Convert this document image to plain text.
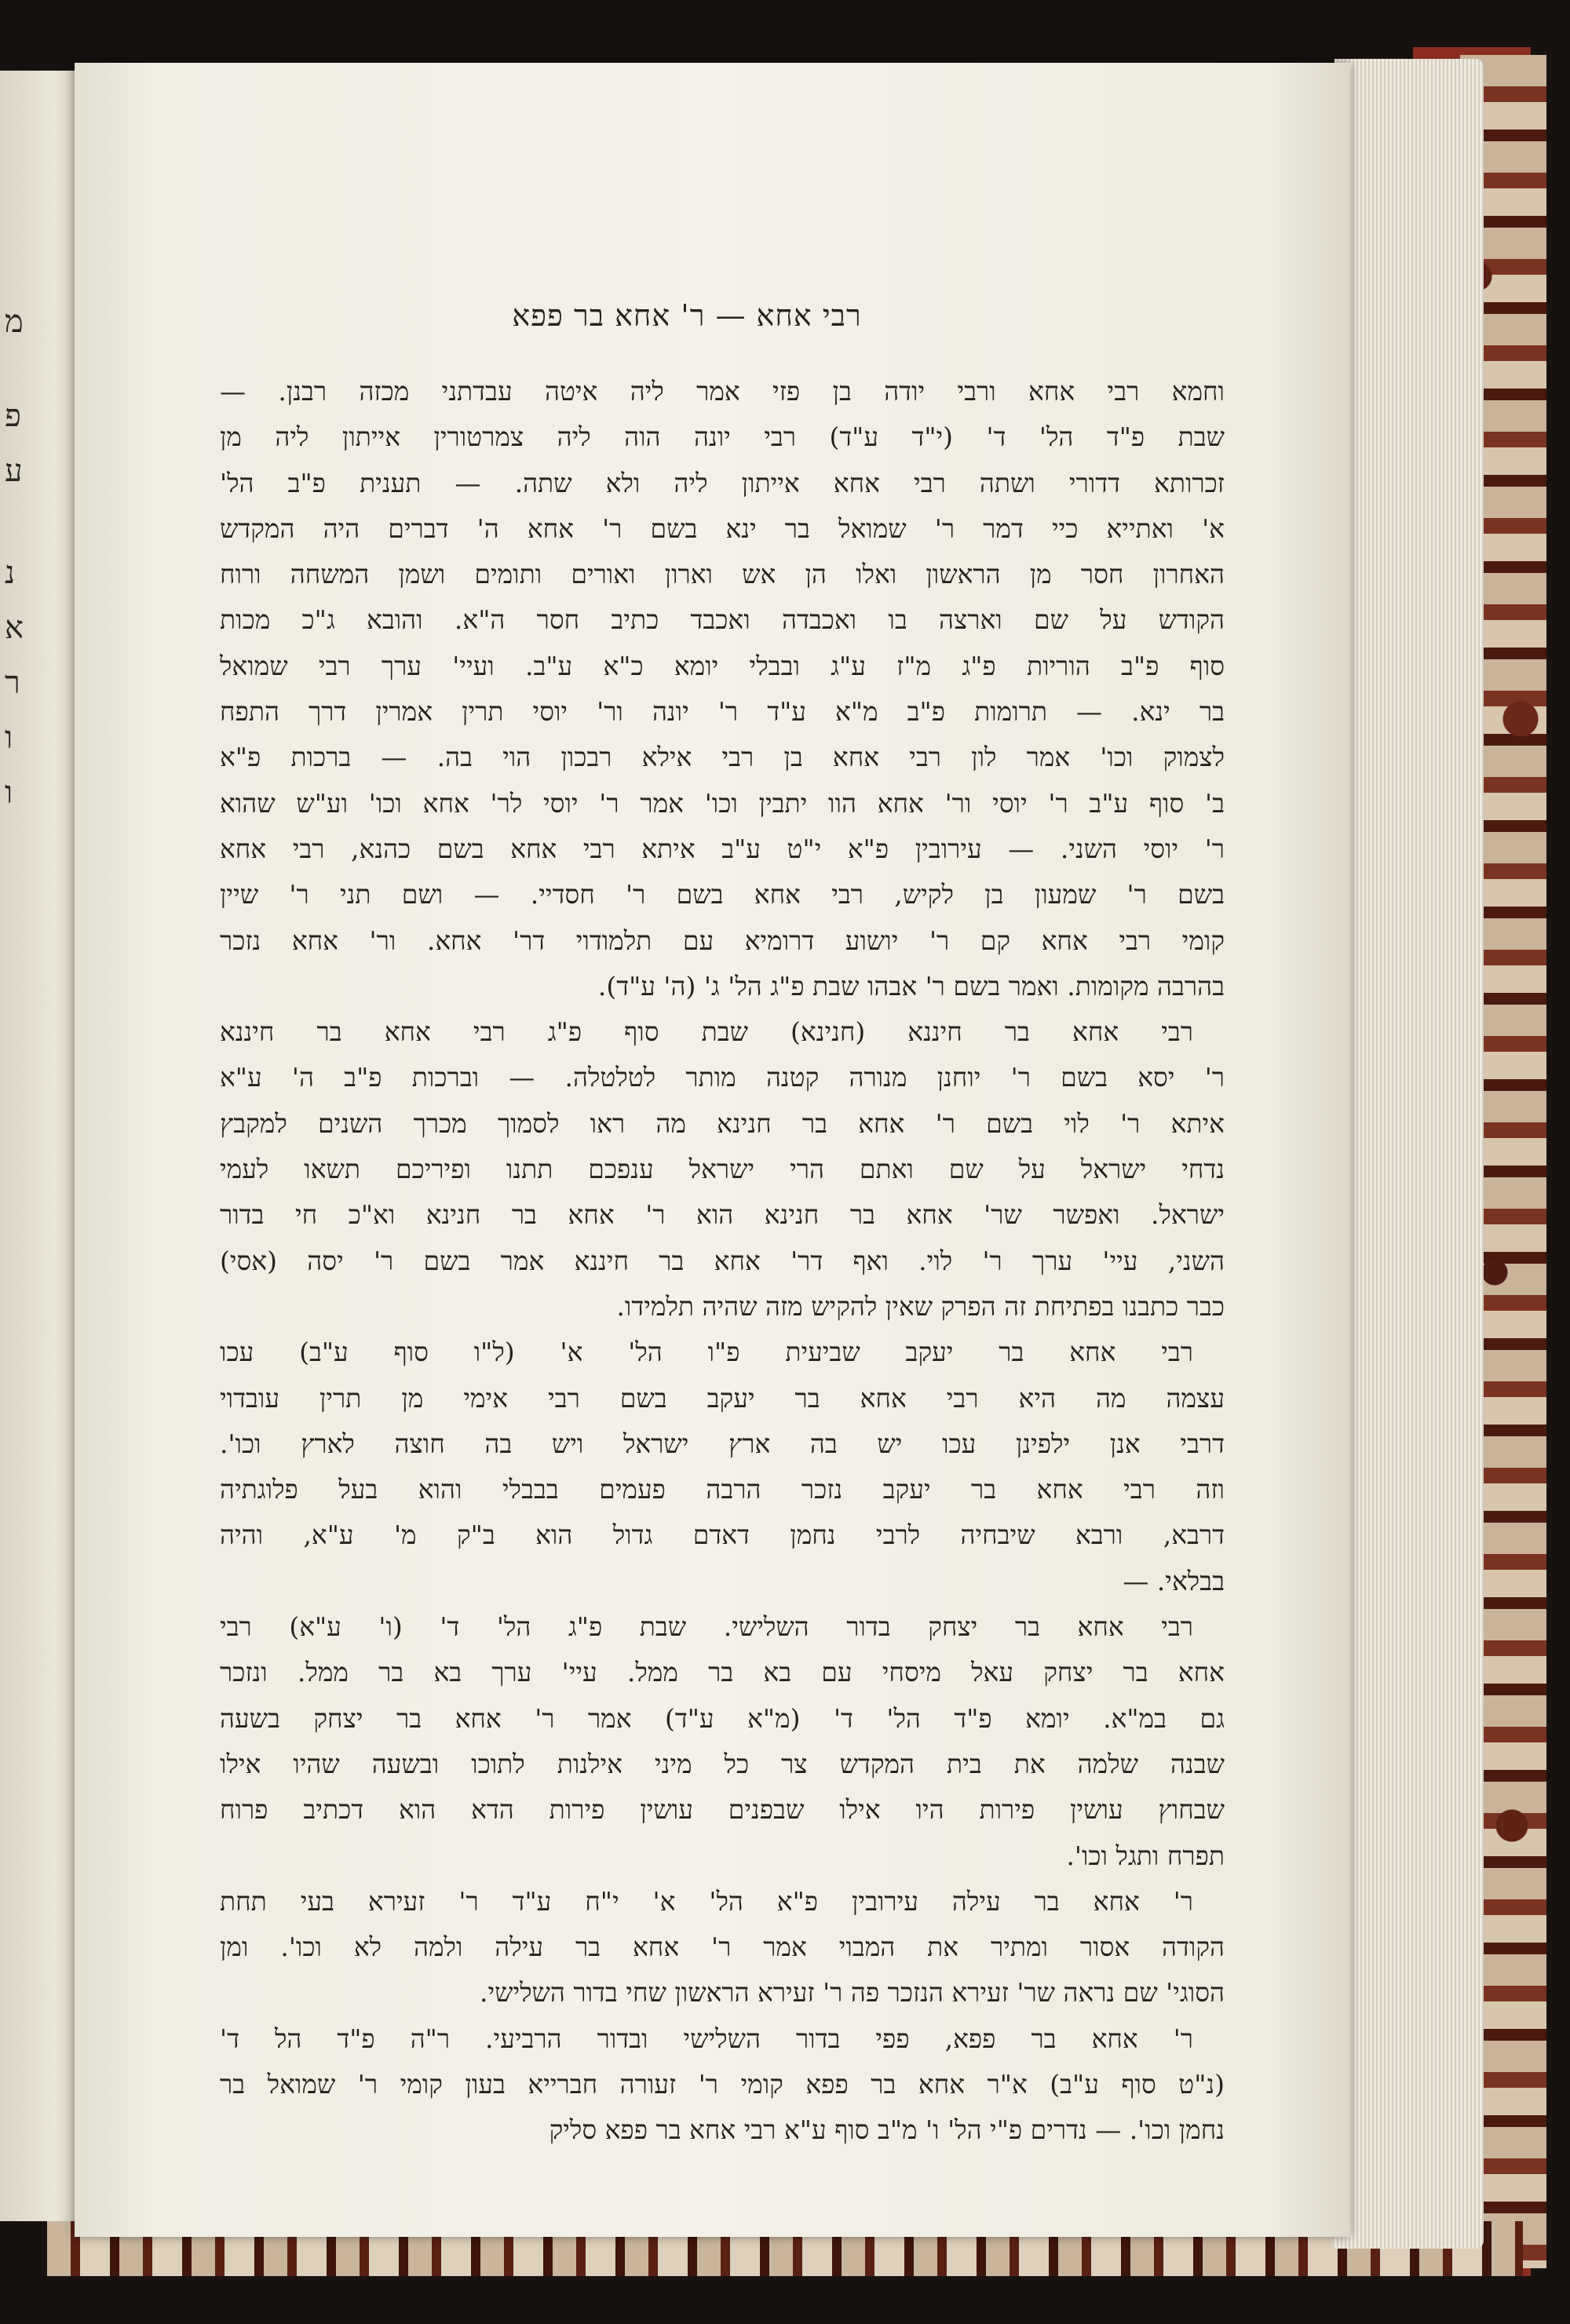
מ
פ
ע
נ
א
ר
ו
ו
רבי אחא — ר' אחא בר פפא
וחמא רבי אחא ורבי יודה בן פזי אמר ליה איטה עבדתני מכזה רבנן. —
שבת פ"ד הל' ד' (י"ד ע"ד) רבי יונה הוה ליה צמרטורין אייתון ליה מן
זכרותא דדורי ושתה רבי אחא אייתון ליה ולא שתה. — תענית פ"ב הל'
א' ואתייא כיי דמר ר' שמואל בר ינא בשם ר' אחא ה' דברים היה המקדש
האחרון חסר מן הראשון ואלו הן אש וארון ואורים ותומים ושמן המשחה ורוח
הקודש על שם וארצה בו ואכבדה ואכבד כתיב חסר ה"א. והובא ג"כ מכות
סוף פ"ב הוריות פ"ג מ"ז ע"ג ובבלי יומא כ"א ע"ב. ועיי' ערך רבי שמואל
בר ינא. — תרומות פ"ב מ"א ע"ד ר' יונה ור' יוסי תרין אמרין דרך התפח
לצמוק וכו' אמר לון רבי אחא בן רבי אילא רבכון הוי בה. — ברכות פ"א
ב' סוף ע"ב ר' יוסי ור' אחא הוו יתבין וכו' אמר ר' יוסי לר' אחא וכו' וע"ש שהוא
ר' יוסי השני. — עירובין פ"א י"ט ע"ב איתא רבי אחא בשם כהנא, רבי אחא
בשם ר' שמעון בן לקיש, רבי אחא בשם ר' חסדיי. — ושם תני ר' שיין
קומי רבי אחא קם ר' יושוע דרומיא עם תלמודוי דר' אחא. ור' אחא נזכר
בהרבה מקומות. ואמר בשם ר' אבהו שבת פ"ג הל' ג' (ה' ע"ד).
רבי אחא בר חיננא (חנינא) שבת סוף פ"ג רבי אחא בר חיננא
ר' יסא בשם ר' יוחנן מנורה קטנה מותר לטלטלה. — וברכות פ"ב ה' ע"א
איתא ר' לוי בשם ר' אחא בר חנינא מה ראו לסמוך מכרך השנים למקבץ
נדחי ישראל על שם ואתם הרי ישראל ענפכם תתנו ופיריכם תשאו לעמי
ישראל. ואפשר שר' אחא בר חנינא הוא ר' אחא בר חנינא וא"כ חי בדור
השני, עיי' ערך ר' לוי. ואף דר' אחא בר חיננא אמר בשם ר' יסה (אסי)
כבר כתבנו בפתיחת זה הפרק שאין להקיש מזה שהיה תלמידו.
רבי אחא בר יעקב שביעית פ"ו הל' א' (ל"ו סוף ע"ב) עכו
עצמה מה היא רבי אחא בר יעקב בשם רבי אימי מן תרין עובדוי
דרבי אנן ילפינן עכו יש בה ארץ ישראל ויש בה חוצה לארץ וכו'.
וזה רבי אחא בר יעקב נזכר הרבה פעמים בבבלי והוא בעל פלוגתיה
דרבא, ורבא שיבחיה לרבי נחמן דאדם גדול הוא ב"ק מ' ע"א, והיה
בבלאי. —
רבי אחא בר יצחק בדור השלישי. שבת פ"ג הל' ד' (ו' ע"א) רבי
אחא בר יצחק עאל מיסחי עם בא בר ממל. עיי' ערך בא בר ממל. ונזכר
גם במ"א. יומא פ"ד הל' ד' (מ"א ע"ד) אמר ר' אחא בר יצחק בשעה
שבנה שלמה את בית המקדש צר כל מיני אילנות לתוכו ובשעה שהיו אילו
שבחוץ עושין פירות היו אילו שבפנים עושין פירות הדא הוא דכתיב פרוח
תפרח ותגל וכו'.
ר' אחא בר עילה עירובין פ"א הל' א' י"ח ע"ד ר' זעירא בעי תחת
הקודה אסור ומתיר את המבוי אמר ר' אחא בר עילה ולמה לא וכו'. ומן
הסוגי' שם נראה שר' זעירא הנזכר פה ר' זעירא הראשון שחי בדור השלישי.
ר' אחא בר פפא, פפי בדור השלישי ובדור הרביעי. ר"ה פ"ד הל ד'
(נ"ט סוף ע"ב) א"ר אחא בר פפא קומי ר' זעורה חברייא בעון קומי ר' שמואל בר
נחמן וכו'. — נדרים פ"י הל' ו' מ"ב סוף ע"א רבי אחא בר פפא סליק
